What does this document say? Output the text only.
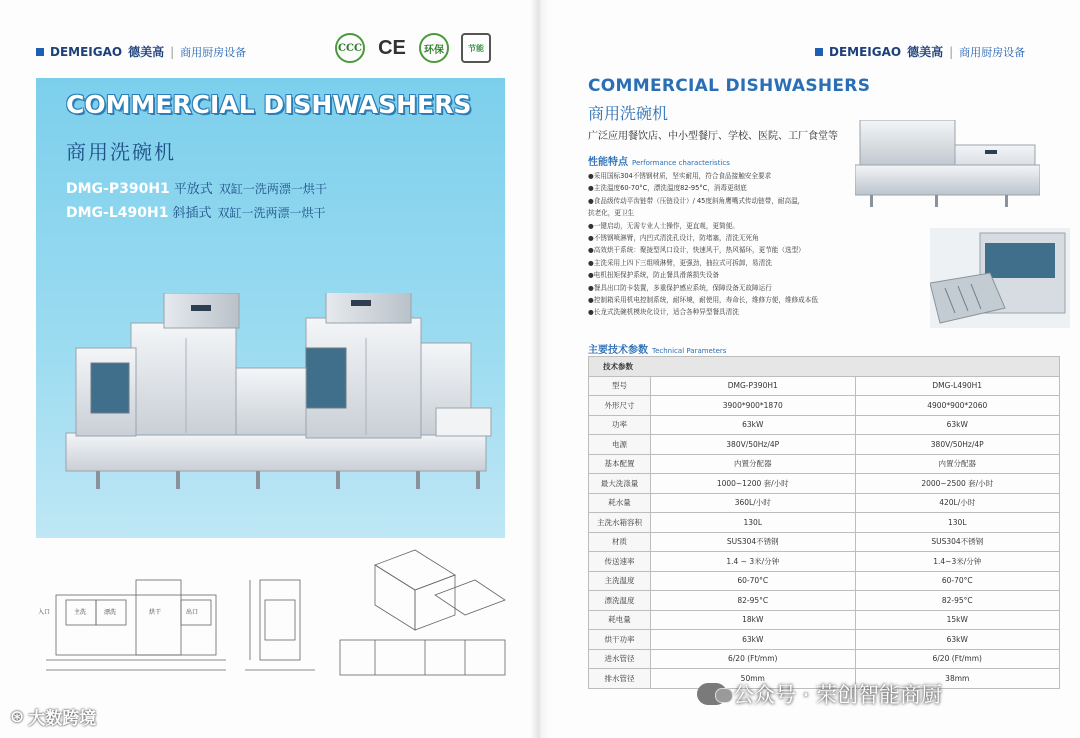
DEMEIGAO 德美高 | 商用厨房设备	CCC CE	环保	节能
COMMERCIAL DISHWASHERS
商用洗碗机
DMG-P390H1 平放式 双缸一洗两漂一烘干
DMG-L490H1 斜插式 双缸一洗两漂一烘干
入口	主洗	漂洗	烘干	出口
⊛ 大数跨境
DEMEIGAO 德美高 | 商用厨房设备
COMMERCIAL DISHWASHERS
商用洗碗机
广泛应用餐饮店、中小型餐厅、学校、医院、工厂食堂等
性能特点 Performance characteristics
●采用国标304不锈钢材质，坚实耐用，符合食品接触安全要求
●主洗温度60-70°C，漂洗温度82-95°C，消毒更彻底
●食品级传动平齿链带（压链设计）/ 45度斜角鹰嘴式传动链带，耐高温，
抗老化，更卫生
●一键启动，无需专业人士操作，更直观，更简便。
●不锈钢喷淋臂，内凹式清洗孔设计，防堵塞，清洗无死角
●高效烘干系统：聚拢型风口设计，快速风干，热风循环，更节能（选型）
●主洗采用上四下三组喷淋臂，更强劲，抽拉式可拆卸，易清洗
●电机扭矩保护系统，防止餐具滑落损失设备
●餐具出口防卡装置，多重保护感应系统，保障设备无故障运行
●控制箱采用机电控制系统，耐环境，耐使用，寿命长，维修方便，维修成本低
●长龙式洗碗机模块化设计，适合各种异型餐具清洗
主要技术参数 Technical Parameters
技术参数		
型号	DMG-P390H1	DMG-L490H1
外形尺寸	3900*900*1870	4900*900*2060
功率	63kW	63kW
电源	380V/50Hz/4P	380V/50Hz/4P
基本配置	内置分配器	内置分配器
最大洗涤量	1000~1200 套/小时	2000~2500 套/小时
耗水量	360L/小时	420L/小时
主洗水箱容积	130L	130L
材质	SUS304不锈钢	SUS304不锈钢
传送速率	1.4 ~ 3米/分钟	1.4~3米/分钟
主洗温度	60-70°C	60-70°C
漂洗温度	82-95°C	82-95°C
耗电量	18kW	15kW
烘干功率	63kW	63kW
进水管径	6/20 (Ft/mm)	6/20 (Ft/mm)
排水管径	50mm	38mm
公众号 · 荣创智能商厨
